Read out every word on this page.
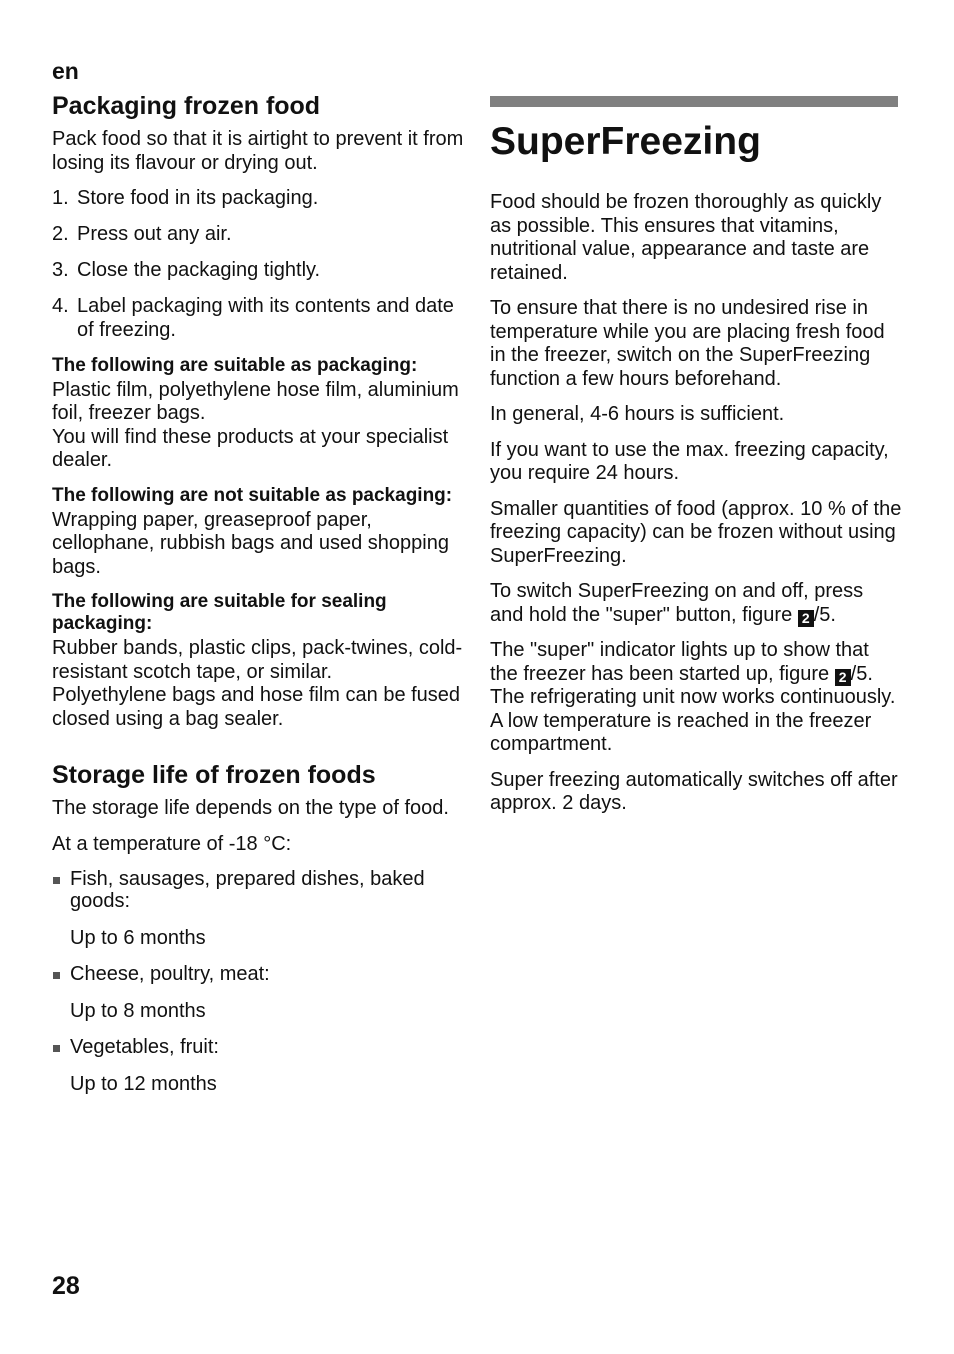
en
Packaging frozen food

Pack food so that it is airtight to prevent it from losing its flavour or drying out.

1. Store food in its packaging.
2. Press out any air.
3. Close the packaging tightly.
4. Label packaging with its contents and date of freezing.
The following are suitable as packaging:

Plastic film, polyethylene hose film, aluminium foil, freezer bags.
You will find these products at your specialist dealer.

The following are not suitable as packaging:

Wrapping paper, greaseproof paper, cellophane, rubbish bags and used shopping bags.

The following are suitable for sealing packaging:

Rubber bands, plastic clips, pack-twines, cold-resistant scotch tape, or similar.
Polyethylene bags and hose film can be fused closed using a bag sealer.

Storage life of frozen foods

The storage life depends on the type of food.

At a temperature of -18 °C:

Fish, sausages, prepared dishes, baked goods:
Up to 6 months
Cheese, poultry, meat:
Up to 8 months
Vegetables, fruit:
Up to 12 months
SuperFreezing

Food should be frozen thoroughly as quickly as possible. This ensures that vitamins, nutritional value, appearance and taste are retained.

To ensure that there is no undesired rise in temperature while you are placing fresh food in the freezer, switch on the SuperFreezing function a few hours beforehand.

In general, 4-6 hours is sufficient.

If you want to use the max. freezing capacity, you require 24 hours.

Smaller quantities of food (approx. 10 % of the freezing capacity) can be frozen without using SuperFreezing.

To switch SuperFreezing on and off, press and hold the "super" button, figure 2 /5.

The "super" indicator lights up to show that the freezer has been started up, figure 2 /5. The refrigerating unit now works continuously. A low temperature is reached in the freezer compartment.

Super freezing automatically switches off after approx. 2 days.

28
